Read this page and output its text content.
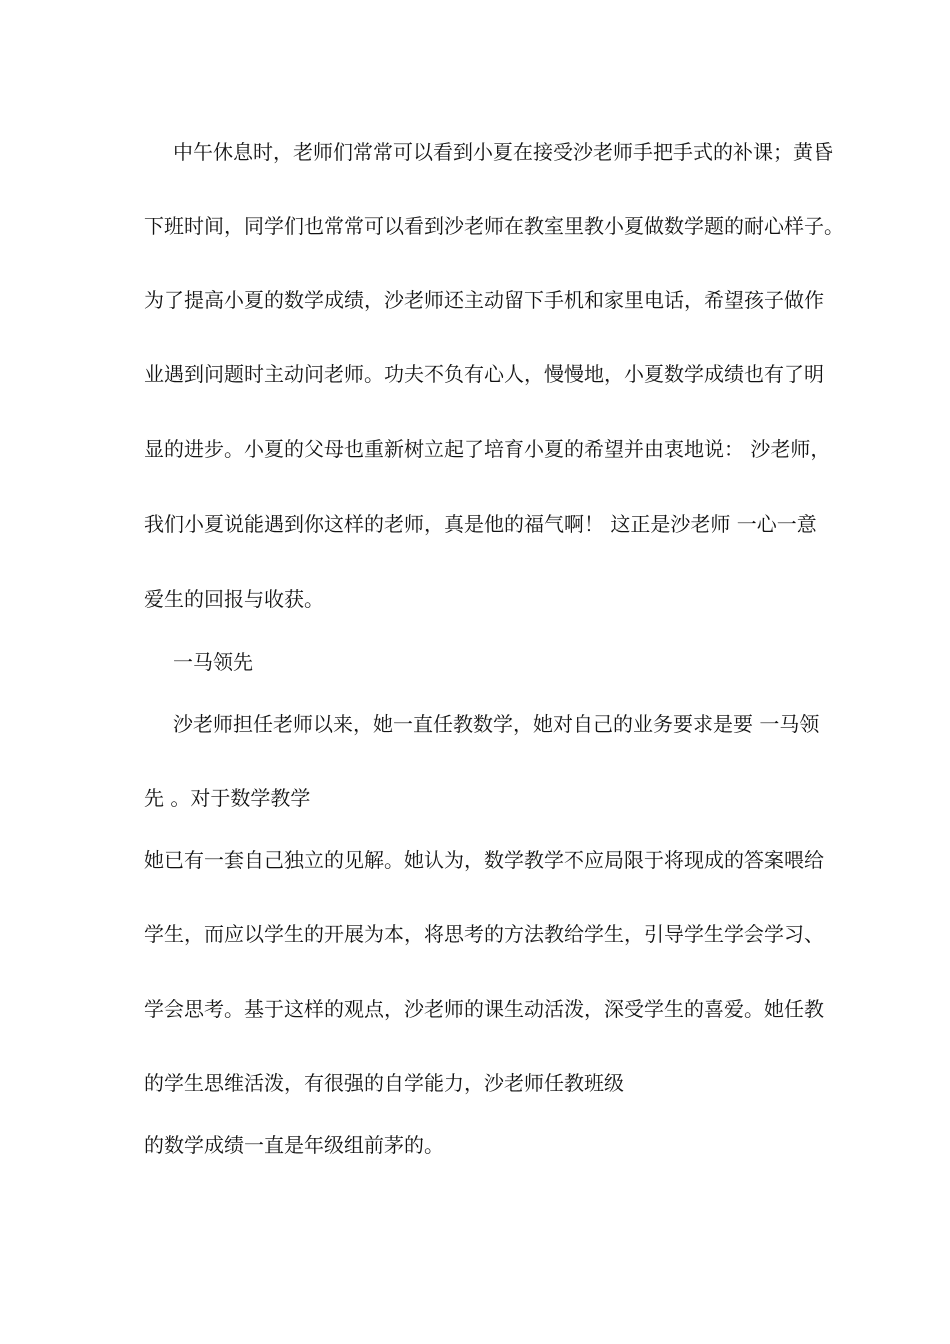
中午休息时，老师们常常可以看到小夏在接受沙老师手把手式的补课；黄昏
下班时间，同学们也常常可以看到沙老师在教室里教小夏做数学题的耐心样子。
为了提高小夏的数学成绩，沙老师还主动留下手机和家里电话，希望孩子做作
业遇到问题时主动问老师。功夫不负有心人，慢慢地，小夏数学成绩也有了明
显的进步。小夏的父母也重新树立起了培育小夏的希望并由衷地说： 沙老师，
我们小夏说能遇到你这样的老师，真是他的福气啊！ 这正是沙老师 一心一意
爱生的回报与收获。
一马领先
沙老师担任老师以来，她一直任教数学，她对自己的业务要求是要 一马领
先 。对于数学教学
她已有一套自己独立的见解。她认为，数学教学不应局限于将现成的答案喂给
学生，而应以学生的开展为本，将思考的方法教给学生，引导学生学会学习、
学会思考。基于这样的观点，沙老师的课生动活泼，深受学生的喜爱。她任教
的学生思维活泼，有很强的自学能力，沙老师任教班级
的数学成绩一直是年级组前茅的。
